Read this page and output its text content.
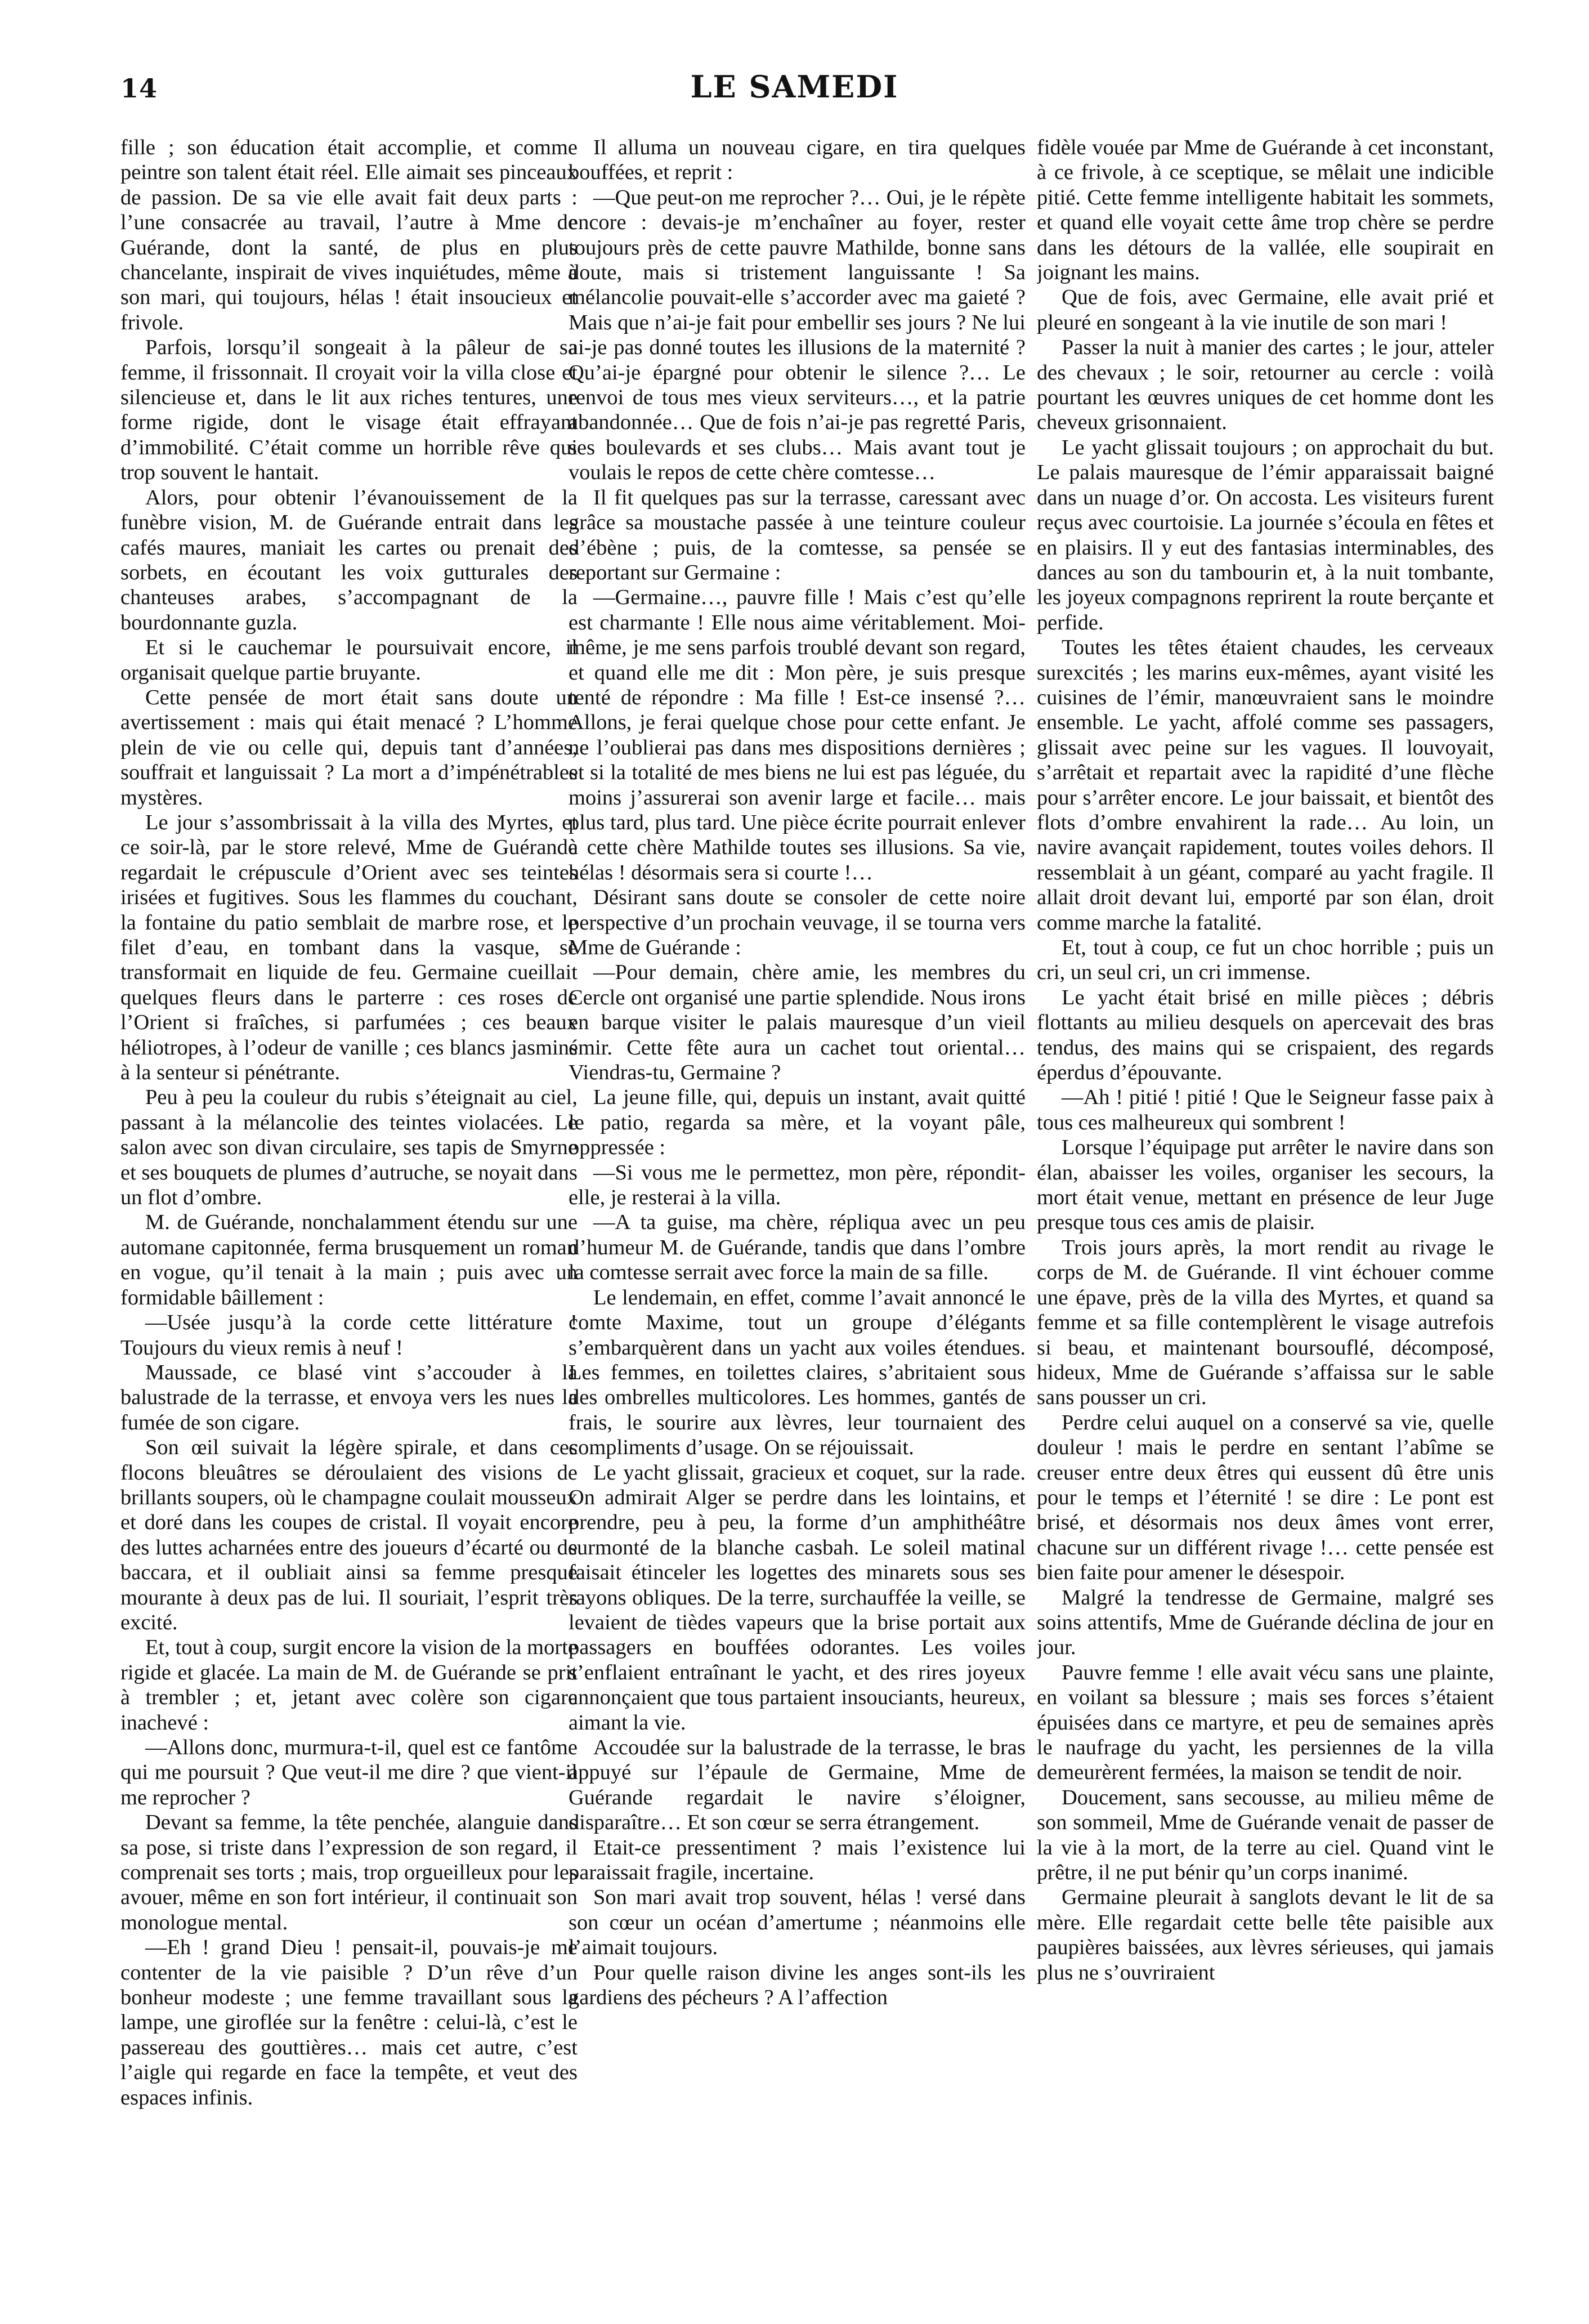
14	LE SAMEDI

fille ; son éducation était accomplie, et comme peintre son talent était réel. Elle aimait ses pinceaux de passion. De sa vie elle avait fait deux parts : l’une consacrée au travail, l’autre à Mme de Guérande, dont la santé, de plus en plus chancelante, inspirait de vives inquiétudes, même à son mari, qui toujours, hélas ! était insoucieux et frivole.

Parfois, lorsqu’il songeait à la pâleur de sa femme, il frissonnait. Il croyait voir la villa close et silencieuse et, dans le lit aux riches tentures, une forme rigide, dont le visage était effrayant d’immobilité. C’était comme un horrible rêve qui trop souvent le hantait.

Alors, pour obtenir l’évanouissement de la funèbre vision, M. de Guérande entrait dans les cafés maures, maniait les cartes ou prenait des sorbets, en écoutant les voix gutturales des chanteuses arabes, s’accompagnant de la bourdonnante guzla.

Et si le cauchemar le poursuivait encore, il organisait quelque partie bruyante.

Cette pensée de mort était sans doute un avertissement : mais qui était menacé ? L’homme plein de vie ou celle qui, depuis tant d’années, souffrait et languissait ? La mort a d’impénétrables mystères.

Le jour s’assombrissait à la villa des Myrtes, et ce soir-là, par le store relevé, Mme de Guérande regardait le crépuscule d’Orient avec ses teintes irisées et fugitives. Sous les flammes du couchant, la fontaine du patio semblait de marbre rose, et le filet d’eau, en tombant dans la vasque, se transformait en liquide de feu. Germaine cueillait quelques fleurs dans le parterre : ces roses de l’Orient si fraîches, si parfumées ; ces beaux héliotropes, à l’odeur de vanille ; ces blancs jasmins à la senteur si pénétrante.

Peu à peu la couleur du rubis s’éteignait au ciel, passant à la mélancolie des teintes violacées. Le salon avec son divan circulaire, ses tapis de Smyrne et ses bouquets de plumes d’autruche, se noyait dans un flot d’ombre.

M. de Guérande, nonchalamment étendu sur une automane capitonnée, ferma brusquement un roman en vogue, qu’il tenait à la main ; puis avec un formidable bâillement :

—Usée jusqu’à la corde cette littérature ! Toujours du vieux remis à neuf !

Maussade, ce blasé vint s’accouder à la balustrade de la terrasse, et envoya vers les nues la fumée de son cigare.

Son œil suivait la légère spirale, et dans ces flocons bleuâtres se déroulaient des visions de brillants soupers, où le champagne coulait mousseux et doré dans les coupes de cristal. Il voyait encore des luttes acharnées entre des joueurs d’écarté ou de baccara, et il oubliait ainsi sa femme presque mourante à deux pas de lui. Il souriait, l’esprit très excité.

Et, tout à coup, surgit encore la vision de la morte rigide et glacée. La main de M. de Guérande se prit à trembler ; et, jetant avec colère son cigare inachevé :

—Allons donc, murmura-t-il, quel est ce fantôme qui me poursuit ? Que veut-il me dire ? que vient-il me reprocher ?

Devant sa femme, la tête penchée, alanguie dans sa pose, si triste dans l’expression de son regard, il comprenait ses torts ; mais, trop orgueilleux pour les avouer, même en son fort intérieur, il continuait son monologue mental.

—Eh ! grand Dieu ! pensait-il, pouvais-je me contenter de la vie paisible ? D’un rêve d’un bonheur modeste ; une femme travaillant sous la lampe, une giroflée sur la fenêtre : celui-là, c’est le passereau des gouttières… mais cet autre, c’est l’aigle qui regarde en face la tempête, et veut des espaces infinis.

Il alluma un nouveau cigare, en tira quelques bouffées, et reprit :

—Que peut-on me reprocher ?… Oui, je le répète encore : devais-je m’enchaîner au foyer, rester toujours près de cette pauvre Mathilde, bonne sans doute, mais si tristement languissante ! Sa mélancolie pouvait-elle s’accorder avec ma gaieté ? Mais que n’ai-je fait pour embellir ses jours ? Ne lui ai-je pas donné toutes les illusions de la maternité ? Qu’ai-je épargné pour obtenir le silence ?… Le renvoi de tous mes vieux serviteurs…, et la patrie abandonnée… Que de fois n’ai-je pas regretté Paris, ses boulevards et ses clubs… Mais avant tout je voulais le repos de cette chère comtesse…

Il fit quelques pas sur la terrasse, caressant avec grâce sa moustache passée à une teinture couleur d’ébène ; puis, de la comtesse, sa pensée se reportant sur Germaine :

—Germaine…, pauvre fille ! Mais c’est qu’elle est charmante ! Elle nous aime véritablement. Moi-même, je me sens parfois troublé devant son regard, et quand elle me dit : Mon père, je suis presque tenté de répondre : Ma fille ! Est-ce insensé ?… Allons, je ferai quelque chose pour cette enfant. Je ne l’oublierai pas dans mes dispositions dernières ; et si la totalité de mes biens ne lui est pas léguée, du moins j’assurerai son avenir large et facile… mais plus tard, plus tard. Une pièce écrite pourrait enlever à cette chère Mathilde toutes ses illusions. Sa vie, hélas ! désormais sera si courte !…

Désirant sans doute se consoler de cette noire perspective d’un prochain veuvage, il se tourna vers Mme de Guérande :

—Pour demain, chère amie, les membres du Cercle ont organisé une partie splendide. Nous irons en barque visiter le palais mauresque d’un vieil émir. Cette fête aura un cachet tout oriental… Viendras-tu, Germaine ?

La jeune fille, qui, depuis un instant, avait quitté le patio, regarda sa mère, et la voyant pâle, oppressée :

—Si vous me le permettez, mon père, répondit-elle, je resterai à la villa.

—A ta guise, ma chère, répliqua avec un peu d’humeur M. de Guérande, tandis que dans l’ombre la comtesse serrait avec force la main de sa fille.

Le lendemain, en effet, comme l’avait annoncé le comte Maxime, tout un groupe d’élégants s’embarquèrent dans un yacht aux voiles étendues. Les femmes, en toilettes claires, s’abritaient sous des ombrelles multicolores. Les hommes, gantés de frais, le sourire aux lèvres, leur tournaient des compliments d’usage. On se réjouissait.

Le yacht glissait, gracieux et coquet, sur la rade. On admirait Alger se perdre dans les lointains, et prendre, peu à peu, la forme d’un amphithéâtre surmonté de la blanche casbah. Le soleil matinal faisait étinceler les logettes des minarets sous ses rayons obliques. De la terre, surchauffée la veille, se levaient de tièdes vapeurs que la brise portait aux passagers en bouffées odorantes. Les voiles s’enflaient entraînant le yacht, et des rires joyeux annonçaient que tous partaient insouciants, heureux, aimant la vie.

Accoudée sur la balustrade de la terrasse, le bras appuyé sur l’épaule de Germaine, Mme de Guérande regardait le navire s’éloigner, disparaître… Et son cœur se serra étrangement.

Etait-ce pressentiment ? mais l’existence lui paraissait fragile, incertaine.

Son mari avait trop souvent, hélas ! versé dans son cœur un océan d’amertume ; néanmoins elle l’aimait toujours.

Pour quelle raison divine les anges sont-ils les gardiens des pécheurs ? A l’affection

fidèle vouée par Mme de Guérande à cet inconstant, à ce frivole, à ce sceptique, se mêlait une indicible pitié. Cette femme intelligente habitait les sommets, et quand elle voyait cette âme trop chère se perdre dans les détours de la vallée, elle soupirait en joignant les mains.

Que de fois, avec Germaine, elle avait prié et pleuré en songeant à la vie inutile de son mari !

Passer la nuit à manier des cartes ; le jour, atteler des chevaux ; le soir, retourner au cercle : voilà pourtant les œuvres uniques de cet homme dont les cheveux grisonnaient.

Le yacht glissait toujours ; on approchait du but. Le palais mauresque de l’émir apparaissait baigné dans un nuage d’or. On accosta. Les visiteurs furent reçus avec courtoisie. La journée s’écoula en fêtes et en plaisirs. Il y eut des fantasias interminables, des dances au son du tambourin et, à la nuit tombante, les joyeux compagnons reprirent la route berçante et perfide.

Toutes les têtes étaient chaudes, les cerveaux surexcités ; les marins eux-mêmes, ayant visité les cuisines de l’émir, manœuvraient sans le moindre ensemble. Le yacht, affolé comme ses passagers, glissait avec peine sur les vagues. Il louvoyait, s’arrêtait et repartait avec la rapidité d’une flèche pour s’arrêter encore. Le jour baissait, et bientôt des flots d’ombre envahirent la rade… Au loin, un navire avançait rapidement, toutes voiles dehors. Il ressemblait à un géant, comparé au yacht fragile. Il allait droit devant lui, emporté par son élan, droit comme marche la fatalité.

Et, tout à coup, ce fut un choc horrible ; puis un cri, un seul cri, un cri immense.

Le yacht était brisé en mille pièces ; débris flottants au milieu desquels on apercevait des bras tendus, des mains qui se crispaient, des regards éperdus d’épouvante.

—Ah ! pitié ! pitié ! Que le Seigneur fasse paix à tous ces malheureux qui sombrent !

Lorsque l’équipage put arrêter le navire dans son élan, abaisser les voiles, organiser les secours, la mort était venue, mettant en présence de leur Juge presque tous ces amis de plaisir.

Trois jours après, la mort rendit au rivage le corps de M. de Guérande. Il vint échouer comme une épave, près de la villa des Myrtes, et quand sa femme et sa fille contemplèrent le visage autrefois si beau, et maintenant boursouflé, décomposé, hideux, Mme de Guérande s’affaissa sur le sable sans pousser un cri.

Perdre celui auquel on a conservé sa vie, quelle douleur ! mais le perdre en sentant l’abîme se creuser entre deux êtres qui eussent dû être unis pour le temps et l’éternité ! se dire : Le pont est brisé, et désormais nos deux âmes vont errer, chacune sur un différent rivage !… cette pensée est bien faite pour amener le désespoir.

Malgré la tendresse de Germaine, malgré ses soins attentifs, Mme de Guérande déclina de jour en jour.

Pauvre femme ! elle avait vécu sans une plainte, en voilant sa blessure ; mais ses forces s’étaient épuisées dans ce martyre, et peu de semaines après le naufrage du yacht, les persiennes de la villa demeurèrent fermées, la maison se tendit de noir.

Doucement, sans secousse, au milieu même de son sommeil, Mme de Guérande venait de passer de la vie à la mort, de la terre au ciel. Quand vint le prêtre, il ne put bénir qu’un corps inanimé.

Germaine pleurait à sanglots devant le lit de sa mère. Elle regardait cette belle tête paisible aux paupières baissées, aux lèvres sérieuses, qui jamais plus ne s’ouvriraient
